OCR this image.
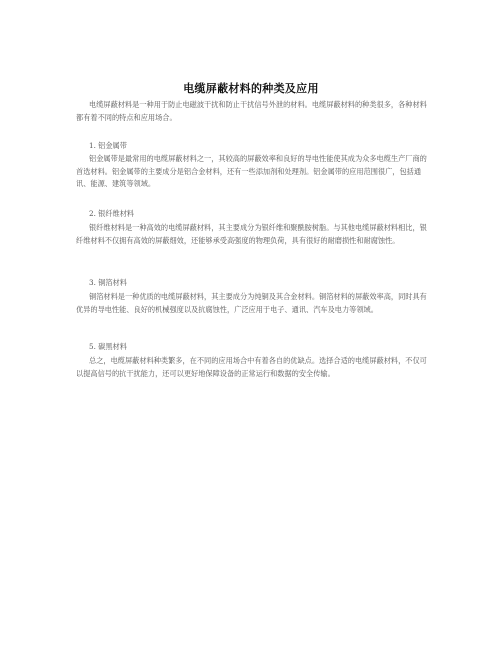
电缆屏蔽材料的种类及应用
电缆屏蔽材料是一种用于防止电磁波干扰和防止干扰信号外泄的材料。电缆屏蔽材料的种类很多，各种材料都有着不同的特点和应用场合。
1. 铝金属带
铝金属带是最常用的电缆屏蔽材料之一，其较高的屏蔽效率和良好的导电性能使其成为众多电缆生产厂商的首选材料。铝金属带的主要成分是铝合金材料，还有一些添加剂和处理剂。铝金属带的应用范围很广，包括通讯、能源、建筑等领域。
2. 银纤维材料
银纤维材料是一种高效的电缆屏蔽材料，其主要成分为银纤维和聚酰胺树脂。与其他电缆屏蔽材料相比，银纤维材料不仅拥有高效的屏蔽细效，还能够承受高强度的物理负荷，具有很好的耐磨损性和耐腐蚀性。
3. 铜箔材料
铜箔材料是一种优质的电缆屏蔽材料，其主要成分为纯铜及其合金材料。铜箔材料的屏蔽效率高，同时具有优异的导电性能、良好的机械强度以及抗腐蚀性，广泛应用于电子、通讯、汽车及电力等领域。
5. 碳黑材料
总之，电缆屏蔽材料种类繁多，在不同的应用场合中有着各自的优缺点。选择合适的电缆屏蔽材料，不仅可以提高信号的抗干扰能力，还可以更好地保障设备的正常运行和数据的安全传输。
